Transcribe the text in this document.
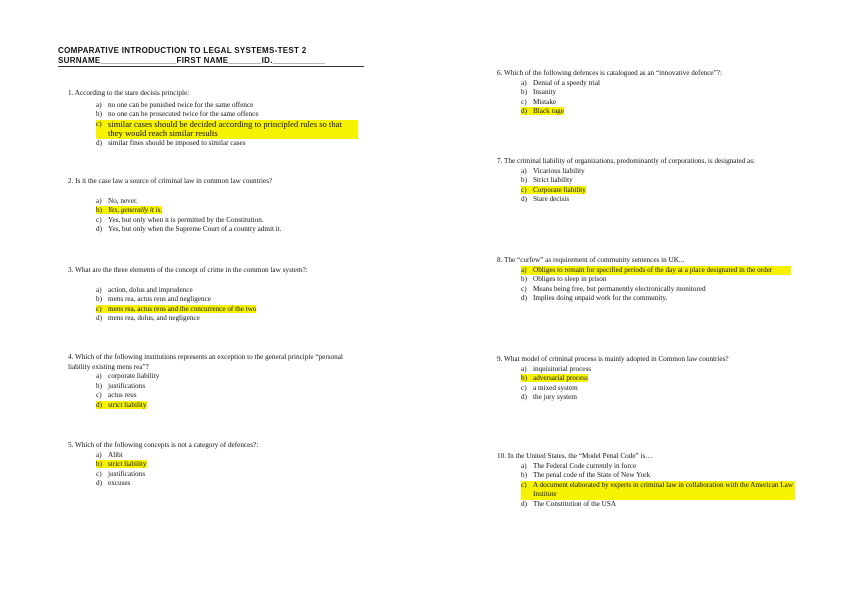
COMPARATIVE INTRODUCTION TO LEGAL SYSTEMS-TEST 2
SURNAME________________FIRST NAME_______ID.___________
1. According to the stare decisis principle:
a) no one can be punished twice for the same offence
b) no one can be prosecuted twice for the same offence
c) similar cases should be decided according to principled rules so that they would reach similar results
d) similar fines should be imposed to similar cases
2. Is it the case law a source of criminal law in common law countries?
a) No, never.
b) Yes, generally it is.
c) Yes, but only when it is permitted by the Constitution.
d) Yes, but only when the Supreme Court of a country admit it.
3. What are the three elements of the concept of crime in the common law system?:
a) action, dolus and imprudence
b) mens rea, actus reus and negligence
c) mens rea, actus reus and the concurrence of the two
d) mens rea, dolus, and negligence
4. Which of the following institutions represents an exception to the general principle “personal liability existing mens rea”?
a) corporate liability
b) justifications
c) actus reus
d) strict liability
5. Which of the following concepts is not a category of defences?:
a) Alibi
b) strict liability
c) justifications
d) excuses
6. Which of the following defences is catalogued as an “innovative defence”?:
a) Denial of a speedy trial
b) Insanity
c) Mistake
d) Black rage
7. The criminal liability of organizations, predominantly of corporations, is designated as:
a) Vicarious liability
b) Strict liability
c) Corporate liability
d) Stare decisis
8. The “curfew” as requirement of community sentences in UK...
a) Obliges to remain for specified periods of the day at a place designated in the order
b) Obliges to sleep in prison
c) Means being free, but permanently electronically monitored
d) Implies doing unpaid work for the community.
9. What model of criminal process is mainly adopted in Common law countries?
a) inquisitorial process
b) adversarial process
c) a mixed system
d) the jury system
10. In the United States, the “Model Penal Code” is…
a) The Federal Code currently in force
b) The penal code of the State of New York
c) A document elaborated by experts in criminal law in collaboration with the American Law Institute
d) The Constitution of the USA
